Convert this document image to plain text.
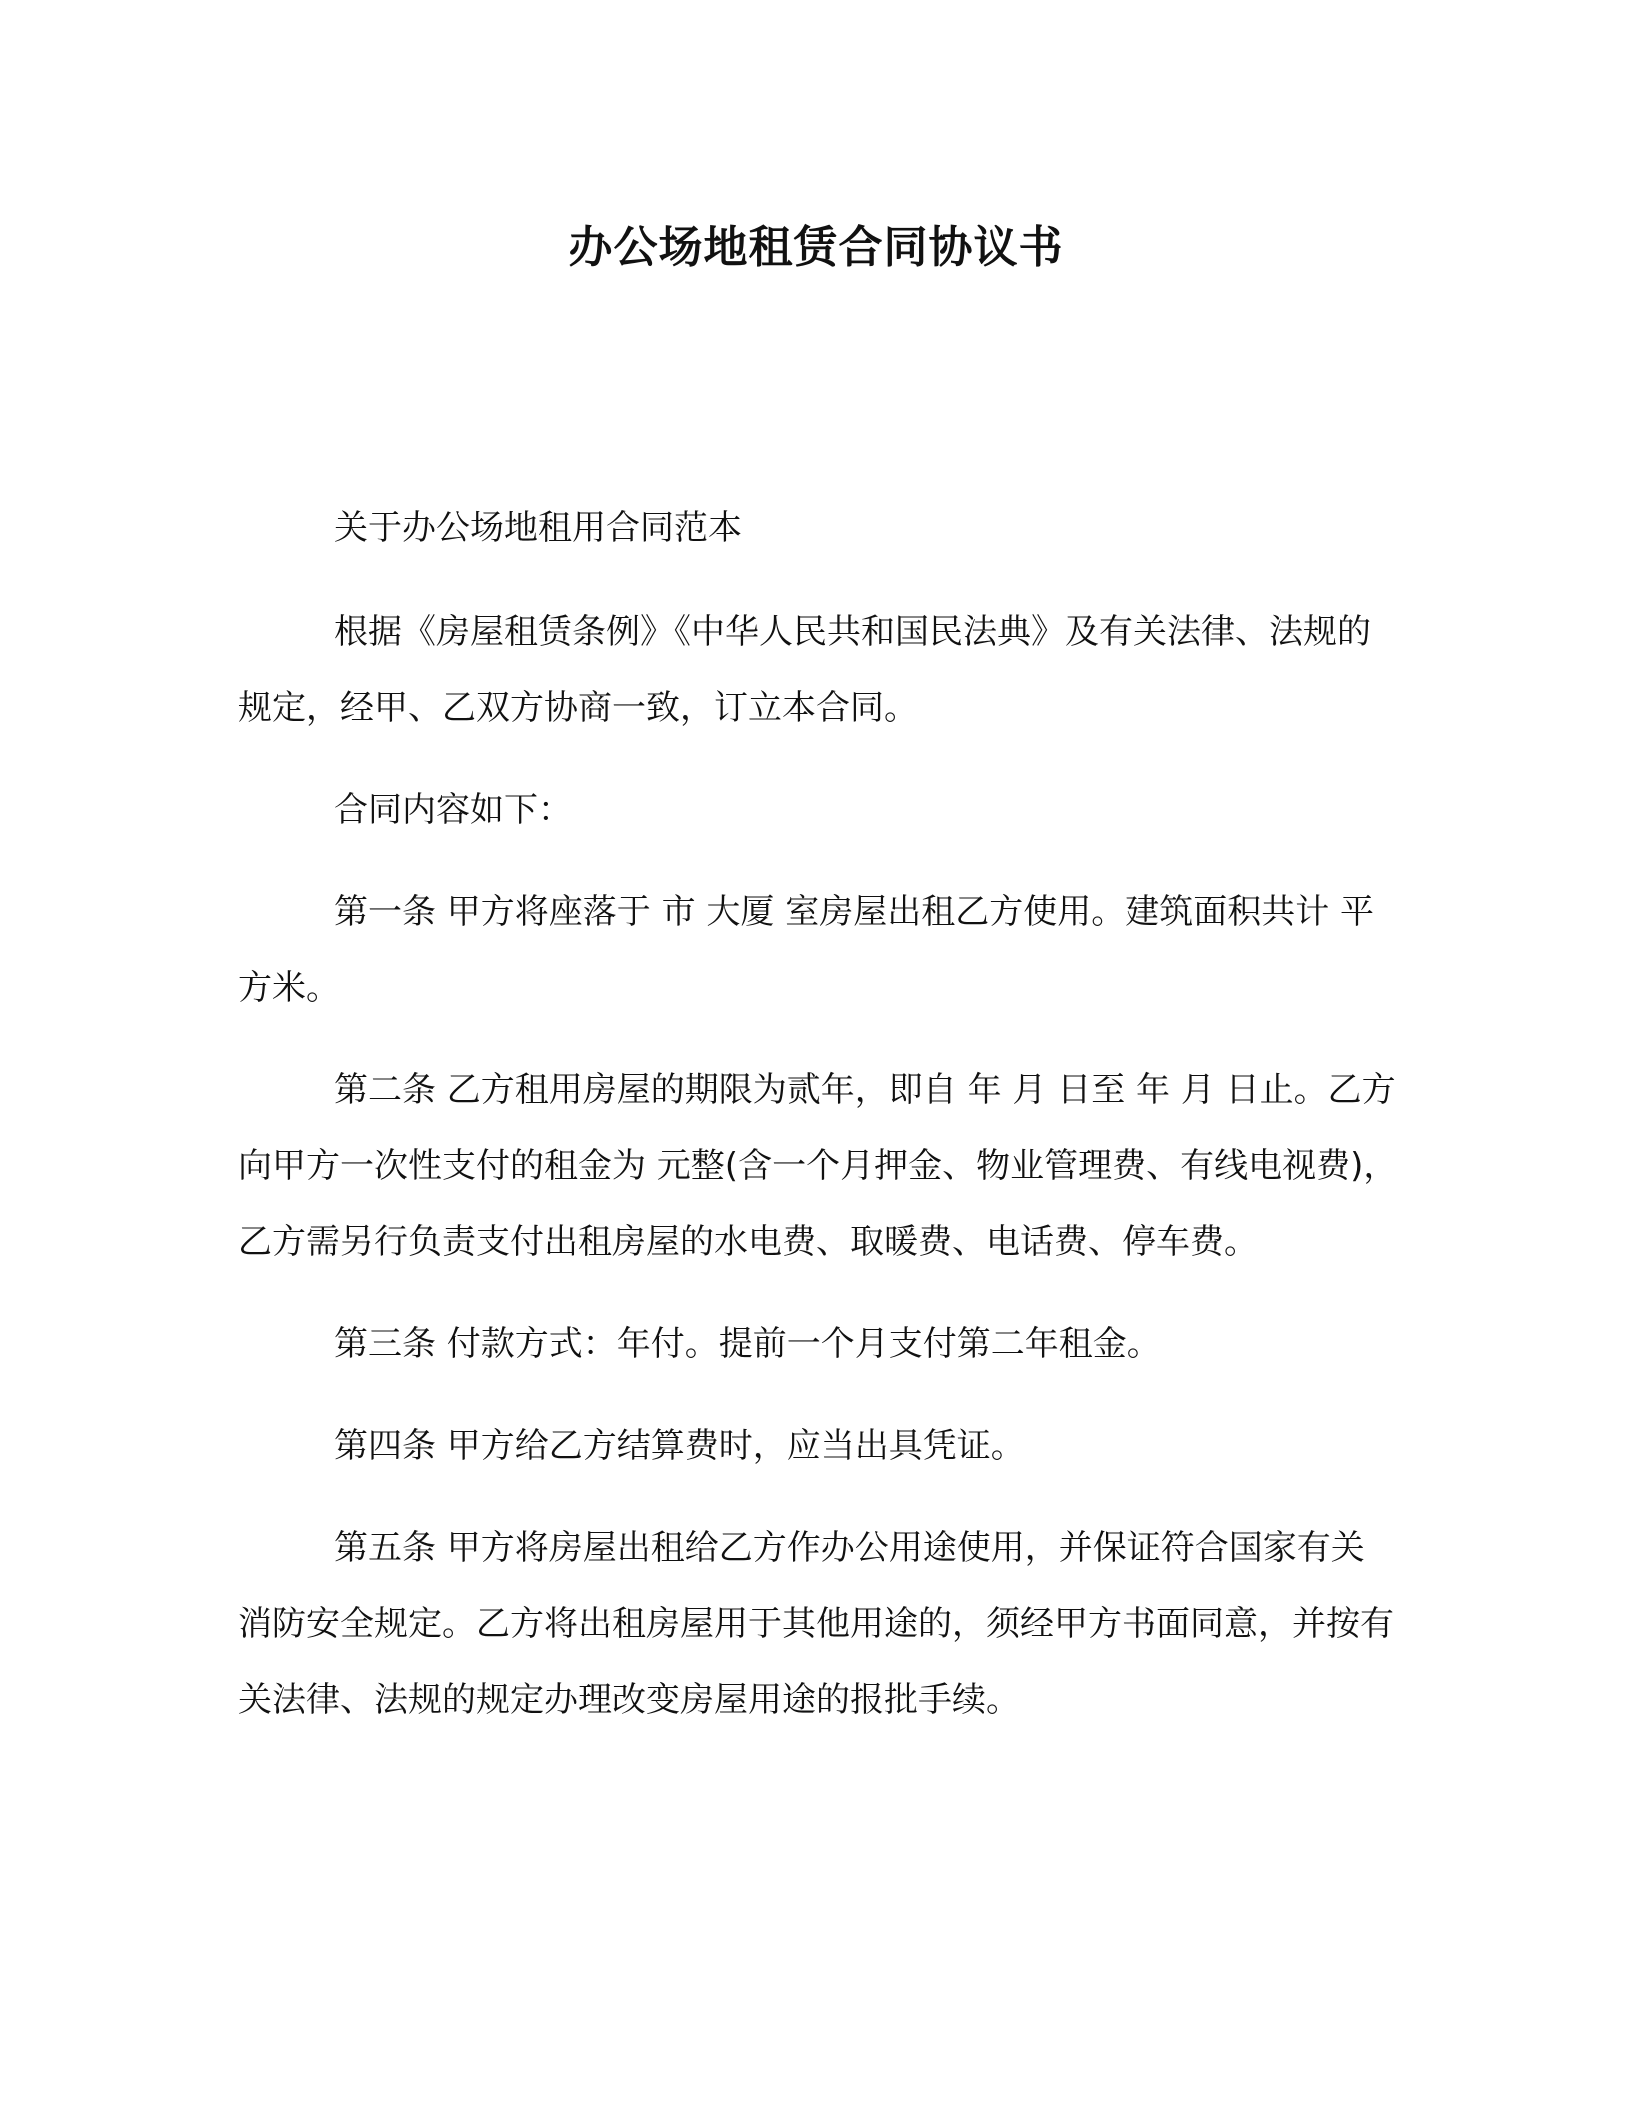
办公场地租赁合同协议书

关于办公场地租用合同范本

根据《房屋租赁条例》《中华人民共和国民法典》及有关法律、法规的规定，经甲、乙双方协商一致，订立本合同。

合同内容如下：

第一条 甲方将座落于 市 大厦 室房屋出租乙方使用。建筑面积共计 平方米。

第二条 乙方租用房屋的期限为贰年，即自 年 月 日至 年 月 日止。乙方向甲方一次性支付的租金为 元整(含一个月押金、物业管理费、有线电视费)，乙方需另行负责支付出租房屋的水电费、取暖费、电话费、停车费。

第三条 付款方式：年付。提前一个月支付第二年租金。

第四条 甲方给乙方结算费时，应当出具凭证。

第五条 甲方将房屋出租给乙方作办公用途使用，并保证符合国家有关消防安全规定。乙方将出租房屋用于其他用途的，须经甲方书面同意，并按有关法律、法规的规定办理改变房屋用途的报批手续。
